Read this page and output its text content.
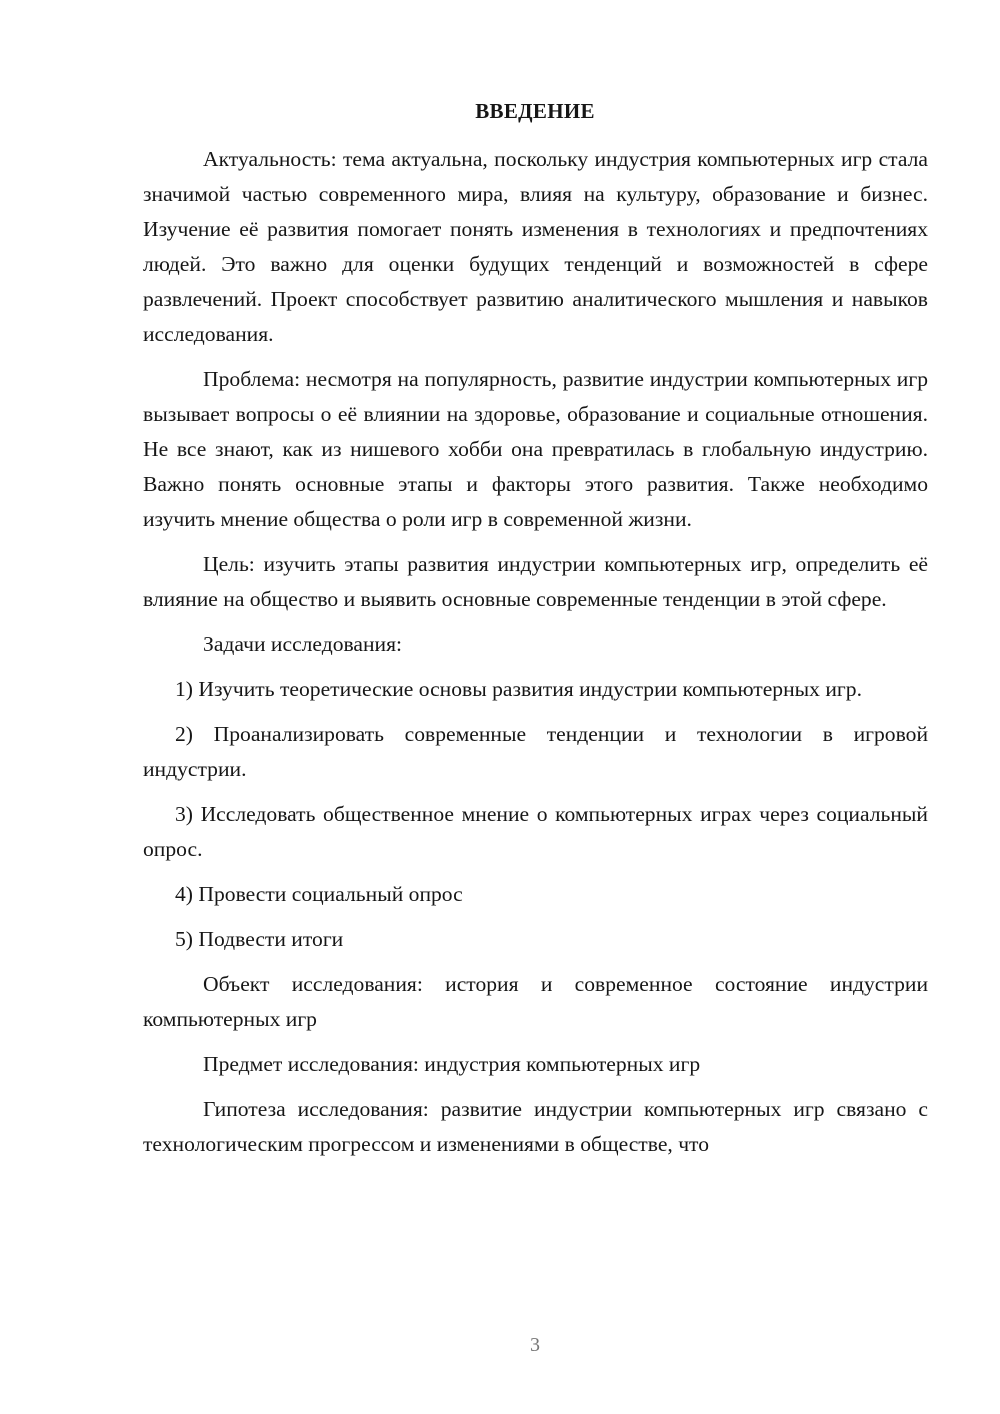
ВВЕДЕНИЕ

Актуальность: тема актуальна, поскольку индустрия компьютерных игр стала значимой частью современного мира, влияя на культуру, образование и бизнес. Изучение её развития помогает понять изменения в технологиях и предпочтениях людей. Это важно для оценки будущих тенденций и возможностей в сфере развлечений. Проект способствует развитию аналитического мышления и навыков исследования.

Проблема: несмотря на популярность, развитие индустрии компьютерных игр вызывает вопросы о её влиянии на здоровье, образование и социальные отношения. Не все знают, как из нишевого хобби она превратилась в глобальную индустрию. Важно понять основные этапы и факторы этого развития. Также необходимо изучить мнение общества о роли игр в современной жизни.

Цель: изучить этапы развития индустрии компьютерных игр, определить её влияние на общество и выявить основные современные тенденции в этой сфере.

Задачи исследования:

1) Изучить теоретические основы развития индустрии компьютерных игр.

2) Проанализировать современные тенденции и технологии в игровой индустрии.

3) Исследовать общественное мнение о компьютерных играх через социальный опрос.

4) Провести социальный опрос

5) Подвести итоги

Объект исследования: история и современное состояние индустрии компьютерных игр

Предмет исследования: индустрия компьютерных игр

Гипотеза исследования: развитие индустрии компьютерных игр связано с технологическим прогрессом и изменениями в обществе, что

3
